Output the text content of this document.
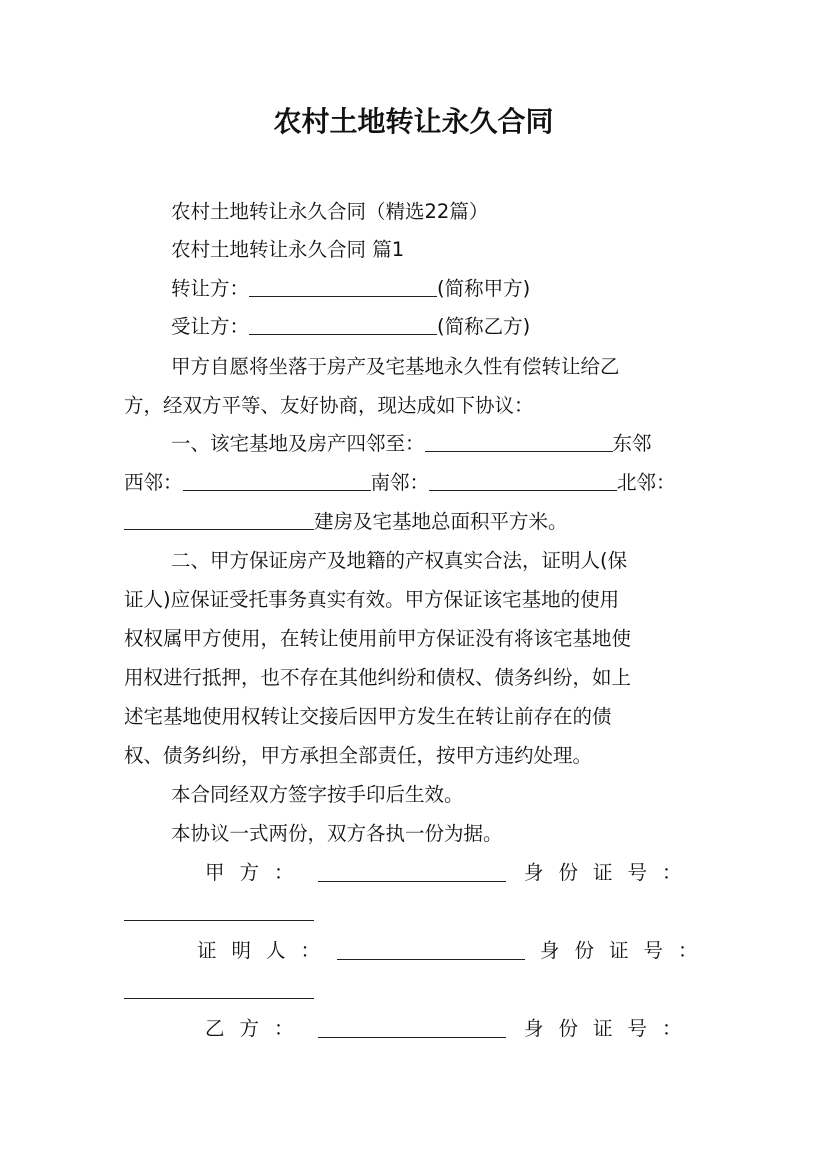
农村土地转让永久合同

农村土地转让永久合同（精选22篇）

农村土地转让永久合同 篇1

转让方：	(简称甲方)

受让方：	(简称乙方)

甲方自愿将坐落于房产及宅基地永久性有偿转让给乙

方，经双方平等、友好协商，现达成如下协议：

一、该宅基地及房产四邻至：	东邻

西邻：	南邻：	北邻：

建房及宅基地总面积平方米。

二、甲方保证房产及地籍的产权真实合法，证明人(保

证人)应保证受托事务真实有效。甲方保证该宅基地的使用

权权属甲方使用，在转让使用前甲方保证没有将该宅基地使

用权进行抵押，也不存在其他纠纷和债权、债务纠纷，如上

述宅基地使用权转让交接后因甲方发生在转让前存在的债

权、债务纠纷，甲方承担全部责任，按甲方违约处理。

本合同经双方签字按手印后生效。

本协议一式两份，双方各执一份为据。

甲方：	身份证号：

证明人：	身份证号：

乙方：	身份证号：
